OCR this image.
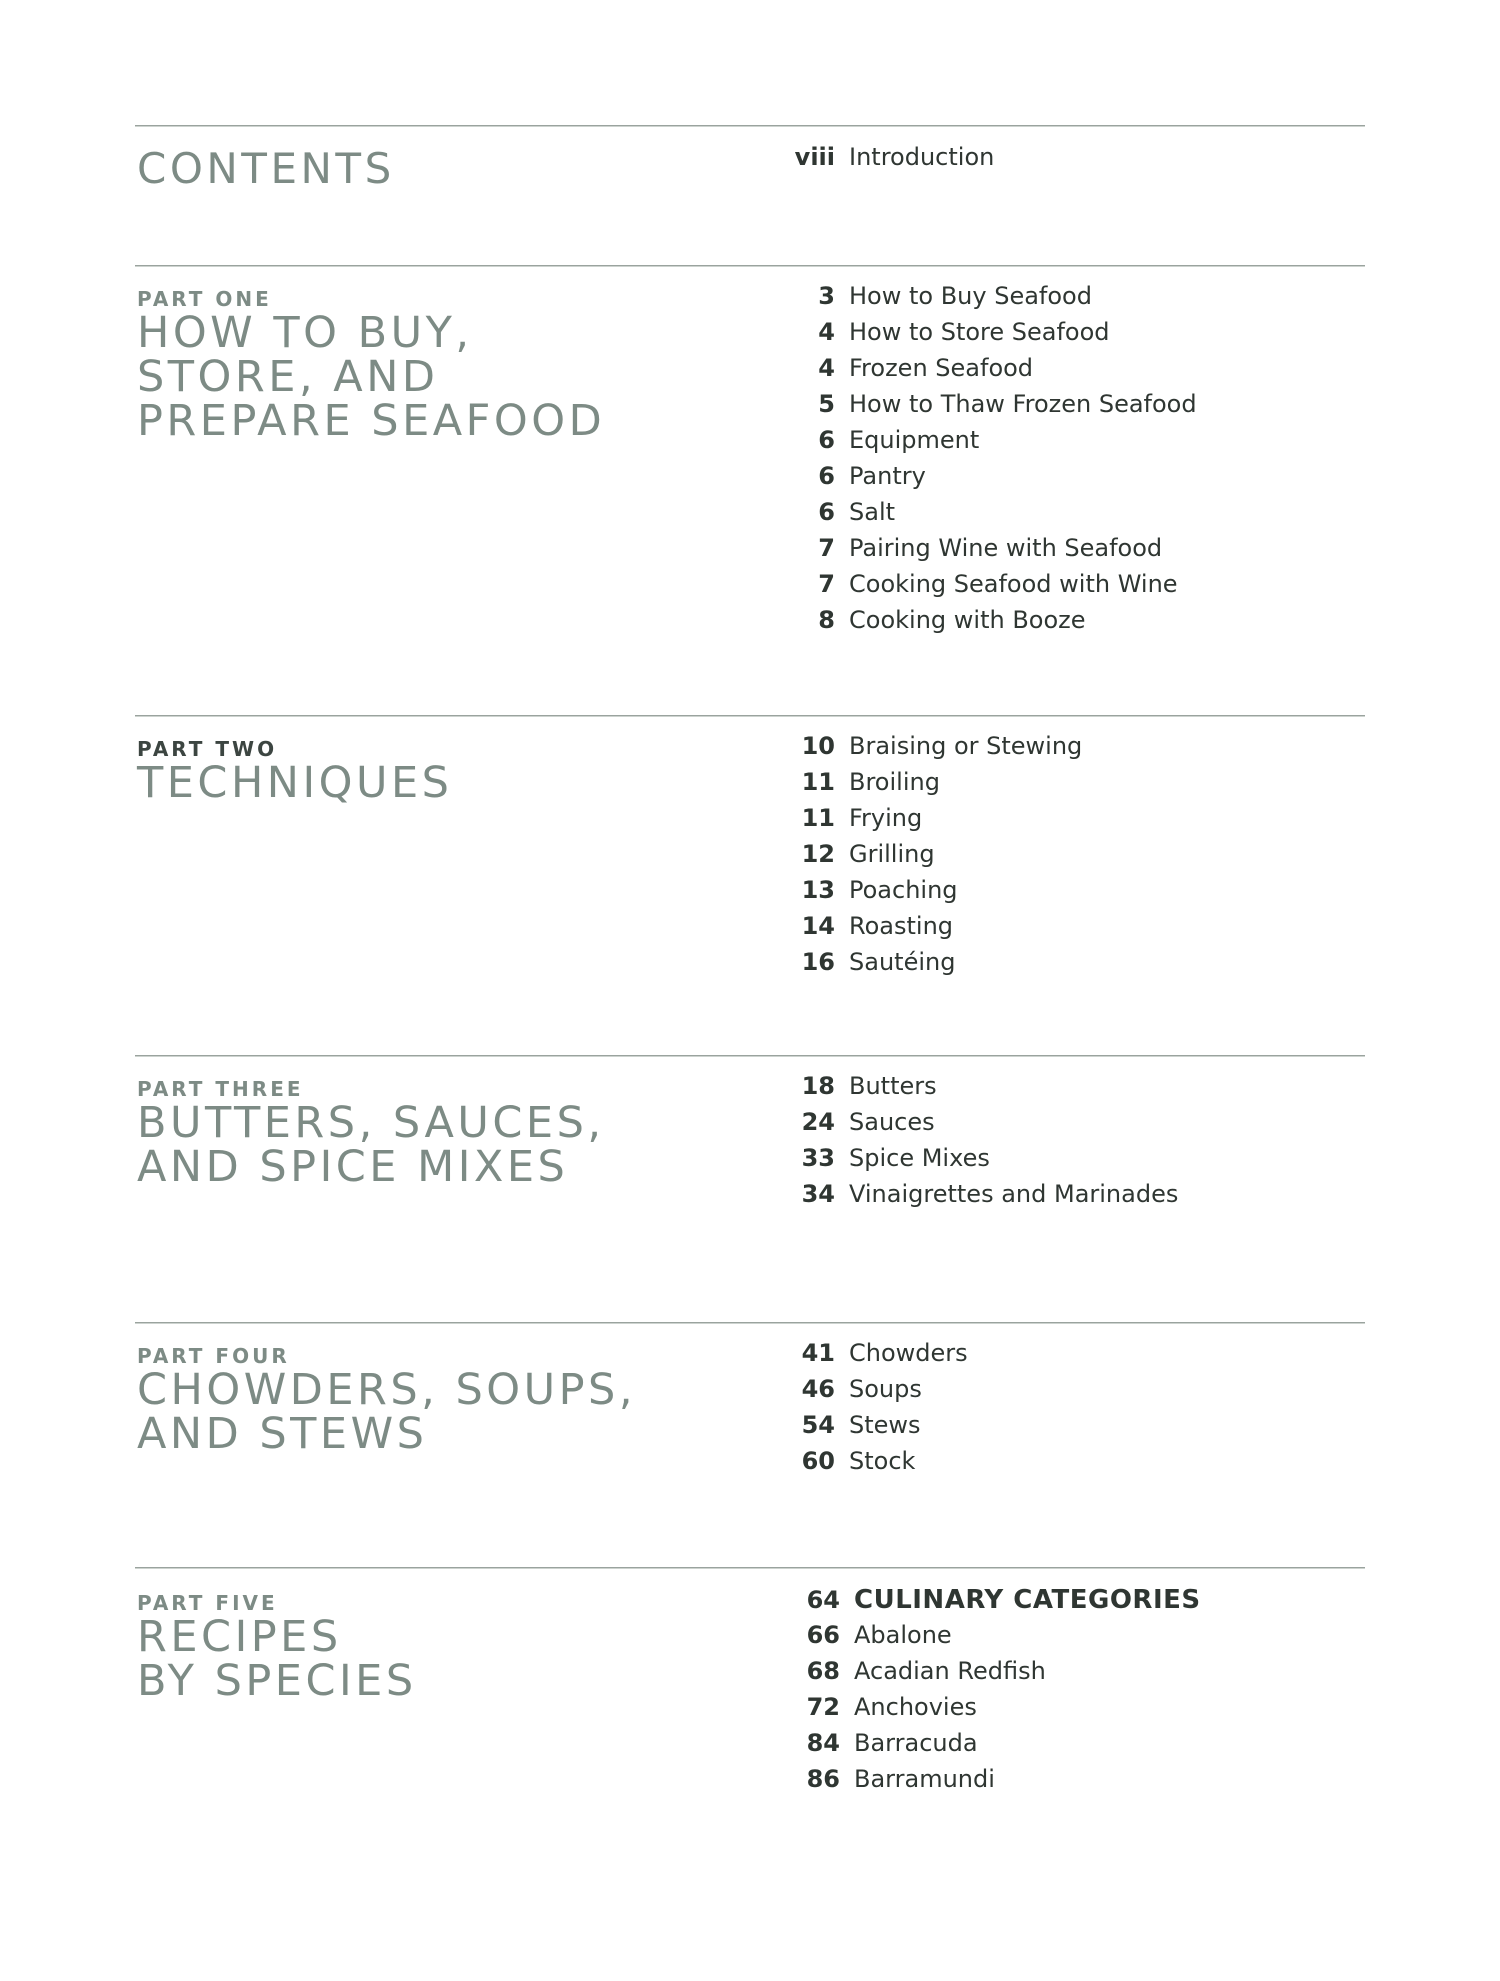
CONTENTS	viii Introduction
PART ONE
HOW TO BUY,
STORE, AND
PREPARE SEAFOOD
3 How to Buy Seafood
4 How to Store Seafood
4 Frozen Seafood
5 How to Thaw Frozen Seafood
6 Equipment
6 Pantry
6 Salt
7 Pairing Wine with Seafood
7 Cooking Seafood with Wine
8 Cooking with Booze
PART TWO
TECHNIQUES
10 Braising or Stewing
11 Broiling
11 Frying
12 Grilling
13 Poaching
14 Roasting
16 Sautéing
PART THREE
BUTTERS, SAUCES,
AND SPICE MIXES
18 Butters
24 Sauces
33 Spice Mixes
34 Vinaigrettes and Marinades
PART FOUR
CHOWDERS, SOUPS,
AND STEWS
41 Chowders
46 Soups
54 Stews
60 Stock
PART FIVE
RECIPES
BY SPECIES
64 CULINARY CATEGORIES
66 Abalone
68 Acadian Redfish
72 Anchovies
84 Barracuda
86 Barramundi
